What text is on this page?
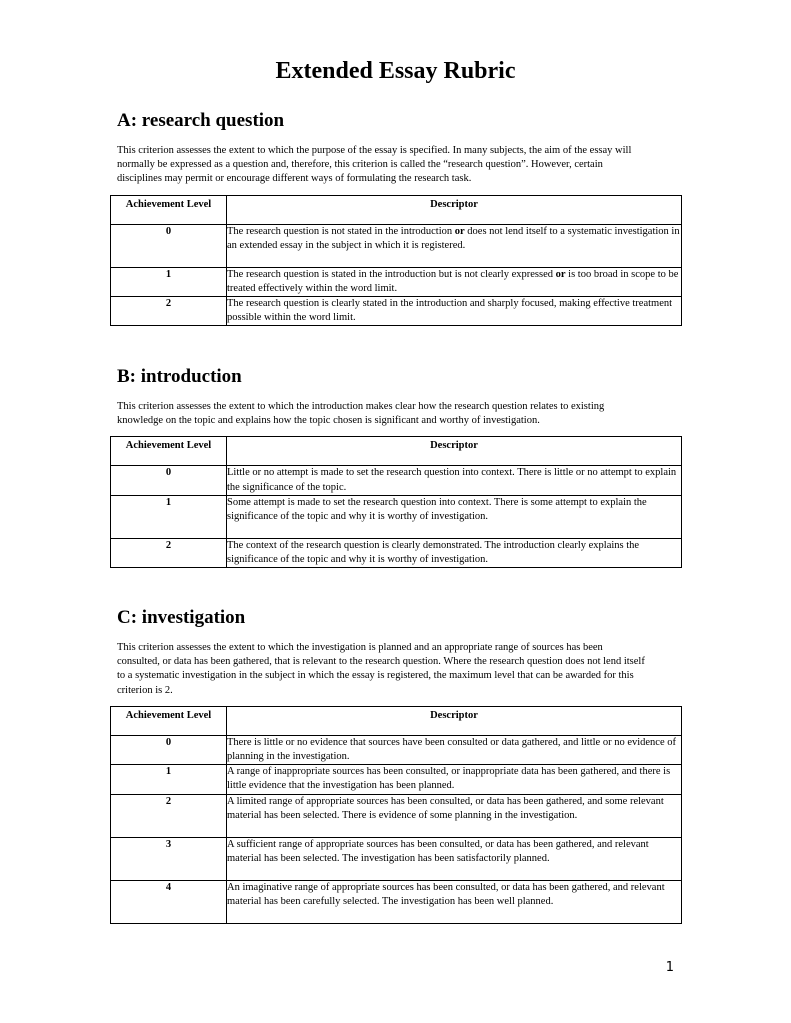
Extended Essay Rubric
A: research question
This criterion assesses the extent to which the purpose of the essay is specified. In many subjects, the aim of the essay will normally be expressed as a question and, therefore, this criterion is called the “research question”. However, certain disciplines may permit or encourage different ways of formulating the research task.
Achievement Level	Descriptor
0	The research question is not stated in the introduction or does not lend itself to a systematic investigation in an extended essay in the subject in which it is registered.
1	The research question is stated in the introduction but is not clearly expressed or is too broad in scope to be treated effectively within the word limit.
2	The research question is clearly stated in the introduction and sharply focused, making effective treatment possible within the word limit.
B: introduction
This criterion assesses the extent to which the introduction makes clear how the research question relates to existing knowledge on the topic and explains how the topic chosen is significant and worthy of investigation.
Achievement Level	Descriptor
0	Little or no attempt is made to set the research question into context. There is little or no attempt to explain the significance of the topic.
1	Some attempt is made to set the research question into context. There is some attempt to explain the significance of the topic and why it is worthy of investigation.
2	The context of the research question is clearly demonstrated. The introduction clearly explains the significance of the topic and why it is worthy of investigation.
C: investigation
This criterion assesses the extent to which the investigation is planned and an appropriate range of sources has been consulted, or data has been gathered, that is relevant to the research question. Where the research question does not lend itself to a systematic investigation in the subject in which the essay is registered, the maximum level that can be awarded for this criterion is 2.
Achievement Level	Descriptor
0	There is little or no evidence that sources have been consulted or data gathered, and little or no evidence of planning in the investigation.
1	A range of inappropriate sources has been consulted, or inappropriate data has been gathered, and there is little evidence that the investigation has been planned.
2	A limited range of appropriate sources has been consulted, or data has been gathered, and some relevant material has been selected. There is evidence of some planning in the investigation.
3	A sufficient range of appropriate sources has been consulted, or data has been gathered, and relevant material has been selected. The investigation has been satisfactorily planned.
4	An imaginative range of appropriate sources has been consulted, or data has been gathered, and relevant material has been carefully selected. The investigation has been well planned.
1
